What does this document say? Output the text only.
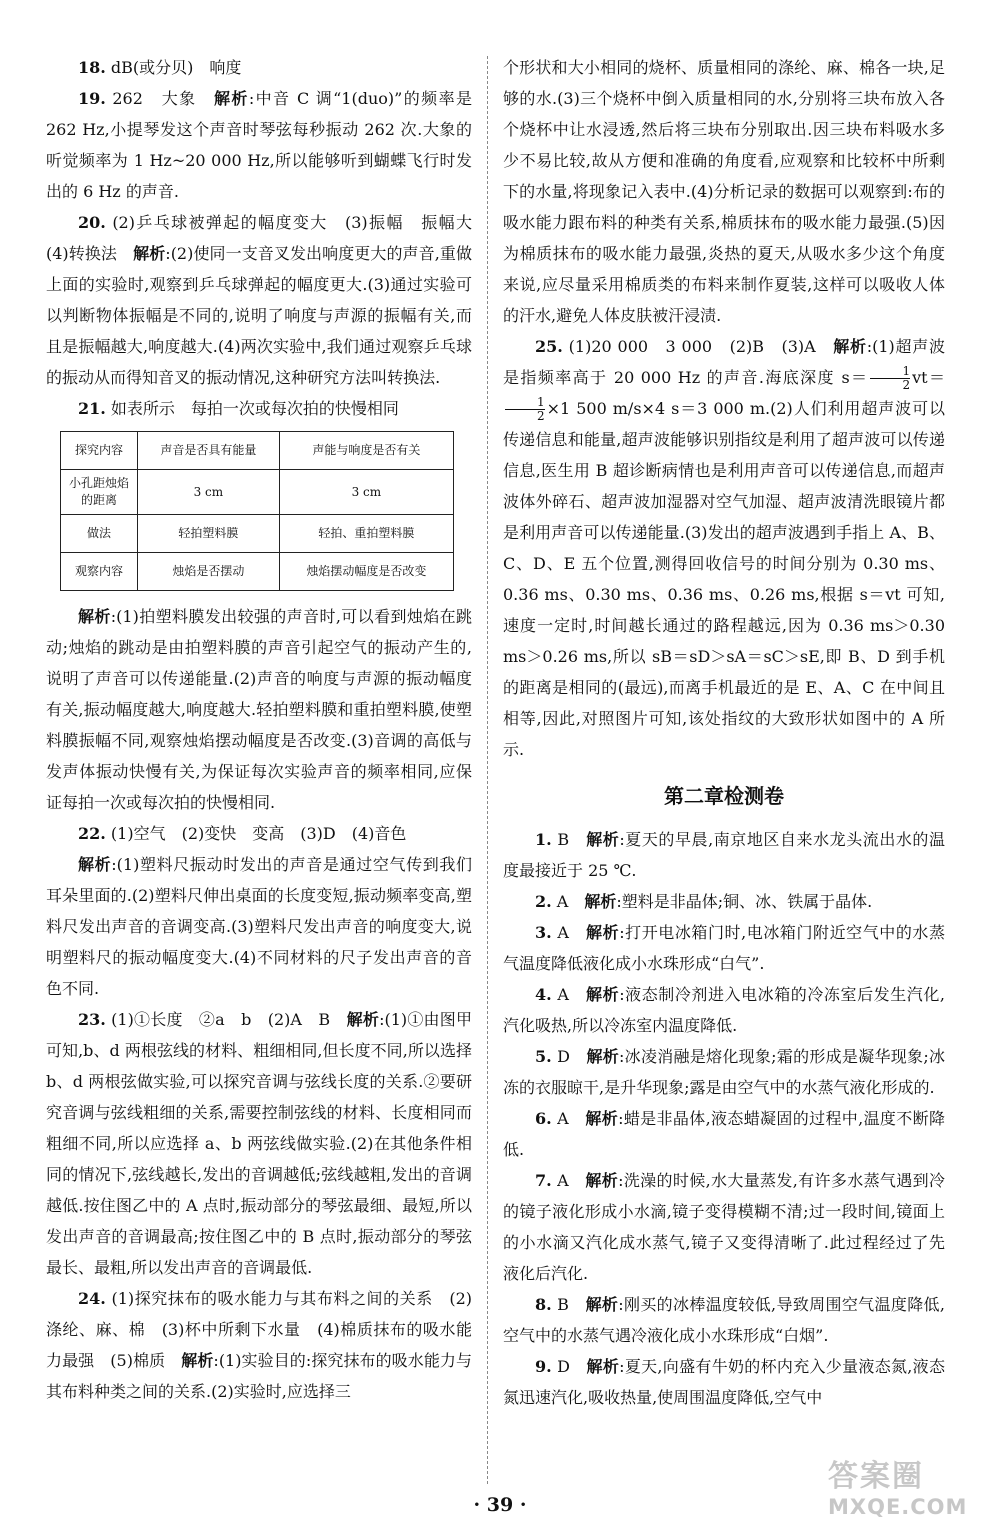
18. dB(或分贝)　响度

19. 262　大象　解析:中音 C 调“1(duo)”的频率是 262 Hz,小提琴发这个声音时琴弦每秒振动 262 次.大象的听觉频率为 1 Hz~20 000 Hz,所以能够听到蝴蝶飞行时发出的 6 Hz 的声音.

20. (2)乒乓球被弹起的幅度变大　(3)振幅　振幅大　(4)转换法　解析:(2)使同一支音叉发出响度更大的声音,重做上面的实验时,观察到乒乓球弹起的幅度更大.(3)通过实验可以判断物体振幅是不同的,说明了响度与声源的振幅有关,而且是振幅越大,响度越大.(4)两次实验中,我们通过观察乒乓球的振动从而得知音叉的振动情况,这种研究方法叫转换法.

21. 如表所示　每拍一次或每次拍的快慢相同

探究内容	声音是否具有能量	声能与响度是否有关
小孔距烛焰的距离	3 cm	3 cm
做法	轻拍塑料膜	轻拍、重拍塑料膜
观察内容	烛焰是否摆动	烛焰摆动幅度是否改变

解析:(1)拍塑料膜发出较强的声音时,可以看到烛焰在跳动;烛焰的跳动是由拍塑料膜的声音引起空气的振动产生的,说明了声音可以传递能量.(2)声音的响度与声源的振动幅度有关,振动幅度越大,响度越大.轻拍塑料膜和重拍塑料膜,使塑料膜振幅不同,观察烛焰摆动幅度是否改变.(3)音调的高低与发声体振动快慢有关,为保证每次实验声音的频率相同,应保证每拍一次或每次拍的快慢相同.

22. (1)空气　(2)变快　变高　(3)D　(4)音色

解析:(1)塑料尺振动时发出的声音是通过空气传到我们耳朵里面的.(2)塑料尺伸出桌面的长度变短,振动频率变高,塑料尺发出声音的音调变高.(3)塑料尺发出声音的响度变大,说明塑料尺的振动幅度变大.(4)不同材料的尺子发出声音的音色不同.

23. (1)①长度　②a　b　(2)A　B　解析:(1)①由图甲可知,b、d 两根弦线的材料、粗细相同,但长度不同,所以选择 b、d 两根弦做实验,可以探究音调与弦线长度的关系.②要研究音调与弦线粗细的关系,需要控制弦线的材料、长度相同而粗细不同,所以应选择 a、b 两弦线做实验.(2)在其他条件相同的情况下,弦线越长,发出的音调越低;弦线越粗,发出的音调越低.按住图乙中的 A 点时,振动部分的琴弦最细、最短,所以发出声音的音调最高;按住图乙中的 B 点时,振动部分的琴弦最长、最粗,所以发出声音的音调最低.

24. (1)探究抹布的吸水能力与其布料之间的关系　(2)涤纶、麻、棉　(3)杯中所剩下水量　(4)棉质抹布的吸水能力最强　(5)棉质　解析:(1)实验目的:探究抹布的吸水能力与其布料种类之间的关系.(2)实验时,应选择三

个形状和大小相同的烧杯、质量相同的涤纶、麻、棉各一块,足够的水.(3)三个烧杯中倒入质量相同的水,分别将三块布放入各个烧杯中让水浸透,然后将三块布分别取出.因三块布料吸水多少不易比较,故从方便和准确的角度看,应观察和比较杯中所剩下的水量,将现象记入表中.(4)分析记录的数据可以观察到:布的吸水能力跟布料的种类有关系,棉质抹布的吸水能力最强.(5)因为棉质抹布的吸水能力最强,炎热的夏天,从吸水多少这个角度来说,应尽量采用棉质类的布料来制作夏装,这样可以吸收人体的汗水,避免人体皮肤被汗浸渍.

25. (1)20 000　3 000　(2)B　(3)A　解析:(1)超声波是指频率高于 20 000 Hz 的声音.海底深度 $s= \frac{1}{2} vt=$
$\frac{1}{2} \times 1$ 500 m/s×4 s＝3 000 m.(2)人们利用超声波可以传递信息和能量,超声波能够识别指纹是利用了超声波可以传递信息,医生用 B 超诊断病情也是利用声音可以传递信息,而超声波体外碎石、超声波加湿器对空气加湿、超声波清洗眼镜片都是利用声音可以传递能量.(3)发出的超声波遇到手指上 A、B、C、D、E 五个位置,测得回收信号的时间分别为 0.30 ms、0.36 ms、0.30 ms、0.36 ms、0.26 ms,根据 s＝vt 可知,速度一定时,时间越长通过的路程越远,因为 0.36 ms＞0.30 ms＞0.26 ms,所以 sB＝sD＞sA＝sC＞sE,即 B、D 到手机的距离是相同的(最远),而离手机最近的是 E、A、C 在中间且相等,因此,对照图片可知,该处指纹的大致形状如图中的 A 所示.

第二章检测卷

1. B　解析:夏天的早晨,南京地区自来水龙头流出水的温度最接近于 25 ℃.

2. A　解析:塑料是非晶体;铜、冰、铁属于晶体.

3. A　解析:打开电冰箱门时,电冰箱门附近空气中的水蒸气温度降低液化成小水珠形成“白气”.

4. A　解析:液态制冷剂进入电冰箱的冷冻室后发生汽化,汽化吸热,所以冷冻室内温度降低.

5. D　解析:冰凌消融是熔化现象;霜的形成是凝华现象;冰冻的衣服晾干,是升华现象;露是由空气中的水蒸气液化形成的.

6. A　解析:蜡是非晶体,液态蜡凝固的过程中,温度不断降低.

7. A　解析:洗澡的时候,水大量蒸发,有许多水蒸气遇到冷的镜子液化形成小水滴,镜子变得模糊不清;过一段时间,镜面上的小水滴又汽化成水蒸气,镜子又变得清晰了.此过程经过了先液化后汽化.

8. B　解析:刚买的冰棒温度较低,导致周围空气温度降低,空气中的水蒸气遇冷液化成小水珠形成“白烟”.

9. D　解析:夏天,向盛有牛奶的杯内充入少量液态氮,液态氮迅速汽化,吸收热量,使周围温度降低,空气中

· 39 ·
答案圈
MXQE.COM
